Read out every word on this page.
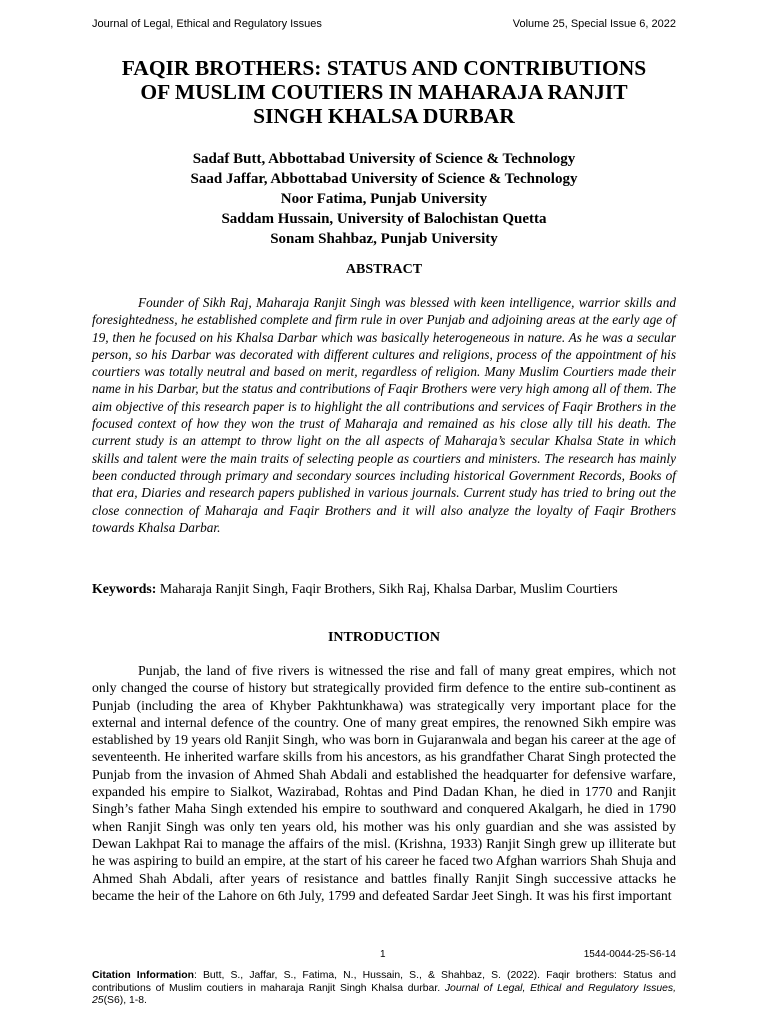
Journal of Legal, Ethical and Regulatory Issues	Volume 25, Special Issue 6, 2022
FAQIR BROTHERS: STATUS AND CONTRIBUTIONS
OF MUSLIM COUTIERS IN MAHARAJA RANJIT
SINGH KHALSA DURBAR
Sadaf Butt, Abbottabad University of Science & Technology
Saad Jaffar, Abbottabad University of Science & Technology
Noor Fatima, Punjab University
Saddam Hussain, University of Balochistan Quetta
Sonam Shahbaz, Punjab University
ABSTRACT

Founder of Sikh Raj, Maharaja Ranjit Singh was blessed with keen intelligence, warrior skills and foresightedness, he established complete and firm rule in over Punjab and adjoining areas at the early age of 19, then he focused on his Khalsa Darbar which was basically heterogeneous in nature. As he was a secular person, so his Darbar was decorated with different cultures and religions, process of the appointment of his courtiers was totally neutral and based on merit, regardless of religion. Many Muslim Courtiers made their name in his Darbar, but the status and contributions of Faqir Brothers were very high among all of them. The aim objective of this research paper is to highlight the all contributions and services of Faqir Brothers in the focused context of how they won the trust of Maharaja and remained as his close ally till his death. The current study is an attempt to throw light on the all aspects of Maharaja’s secular Khalsa State in which skills and talent were the main traits of selecting people as courtiers and ministers. The research has mainly been conducted through primary and secondary sources including historical Government Records, Books of that era, Diaries and research papers published in various journals. Current study has tried to bring out the close connection of Maharaja and Faqir Brothers and it will also analyze the loyalty of Faqir Brothers towards Khalsa Darbar.

Keywords: Maharaja Ranjit Singh, Faqir Brothers, Sikh Raj, Khalsa Darbar, Muslim Courtiers

INTRODUCTION

Punjab, the land of five rivers is witnessed the rise and fall of many great empires, which not only changed the course of history but strategically provided firm defence to the entire sub-continent as Punjab (including the area of Khyber Pakhtunkhawa) was strategically very important place for the external and internal defence of the country. One of many great empires, the renowned Sikh empire was established by 19 years old Ranjit Singh, who was born in Gujaranwala and began his career at the age of seventeenth. He inherited warfare skills from his ancestors, as his grandfather Charat Singh protected the Punjab from the invasion of Ahmed Shah Abdali and established the headquarter for defensive warfare, expanded his empire to Sialkot, Wazirabad, Rohtas and Pind Dadan Khan, he died in 1770 and Ranjit Singh’s father Maha Singh extended his empire to southward and conquered Akalgarh, he died in 1790 when Ranjit Singh was only ten years old, his mother was his only guardian and she was assisted by Dewan Lakhpat Rai to manage the affairs of the misl. (Krishna, 1933) Ranjit Singh grew up illiterate but he was aspiring to build an empire, at the start of his career he faced two Afghan warriors Shah Shuja and Ahmed Shah Abdali, after years of resistance and battles finally Ranjit Singh successive attacks he became the heir of the Lahore on 6th July, 1799 and defeated Sardar Jeet Singh. It was his first important

1	1544-0044-25-S6-14

Citation Information: Butt, S., Jaffar, S., Fatima, N., Hussain, S., & Shahbaz, S. (2022). Faqir brothers: Status and contributions of Muslim coutiers in maharaja Ranjit Singh Khalsa durbar. Journal of Legal, Ethical and Regulatory Issues, 25(S6), 1-8.
